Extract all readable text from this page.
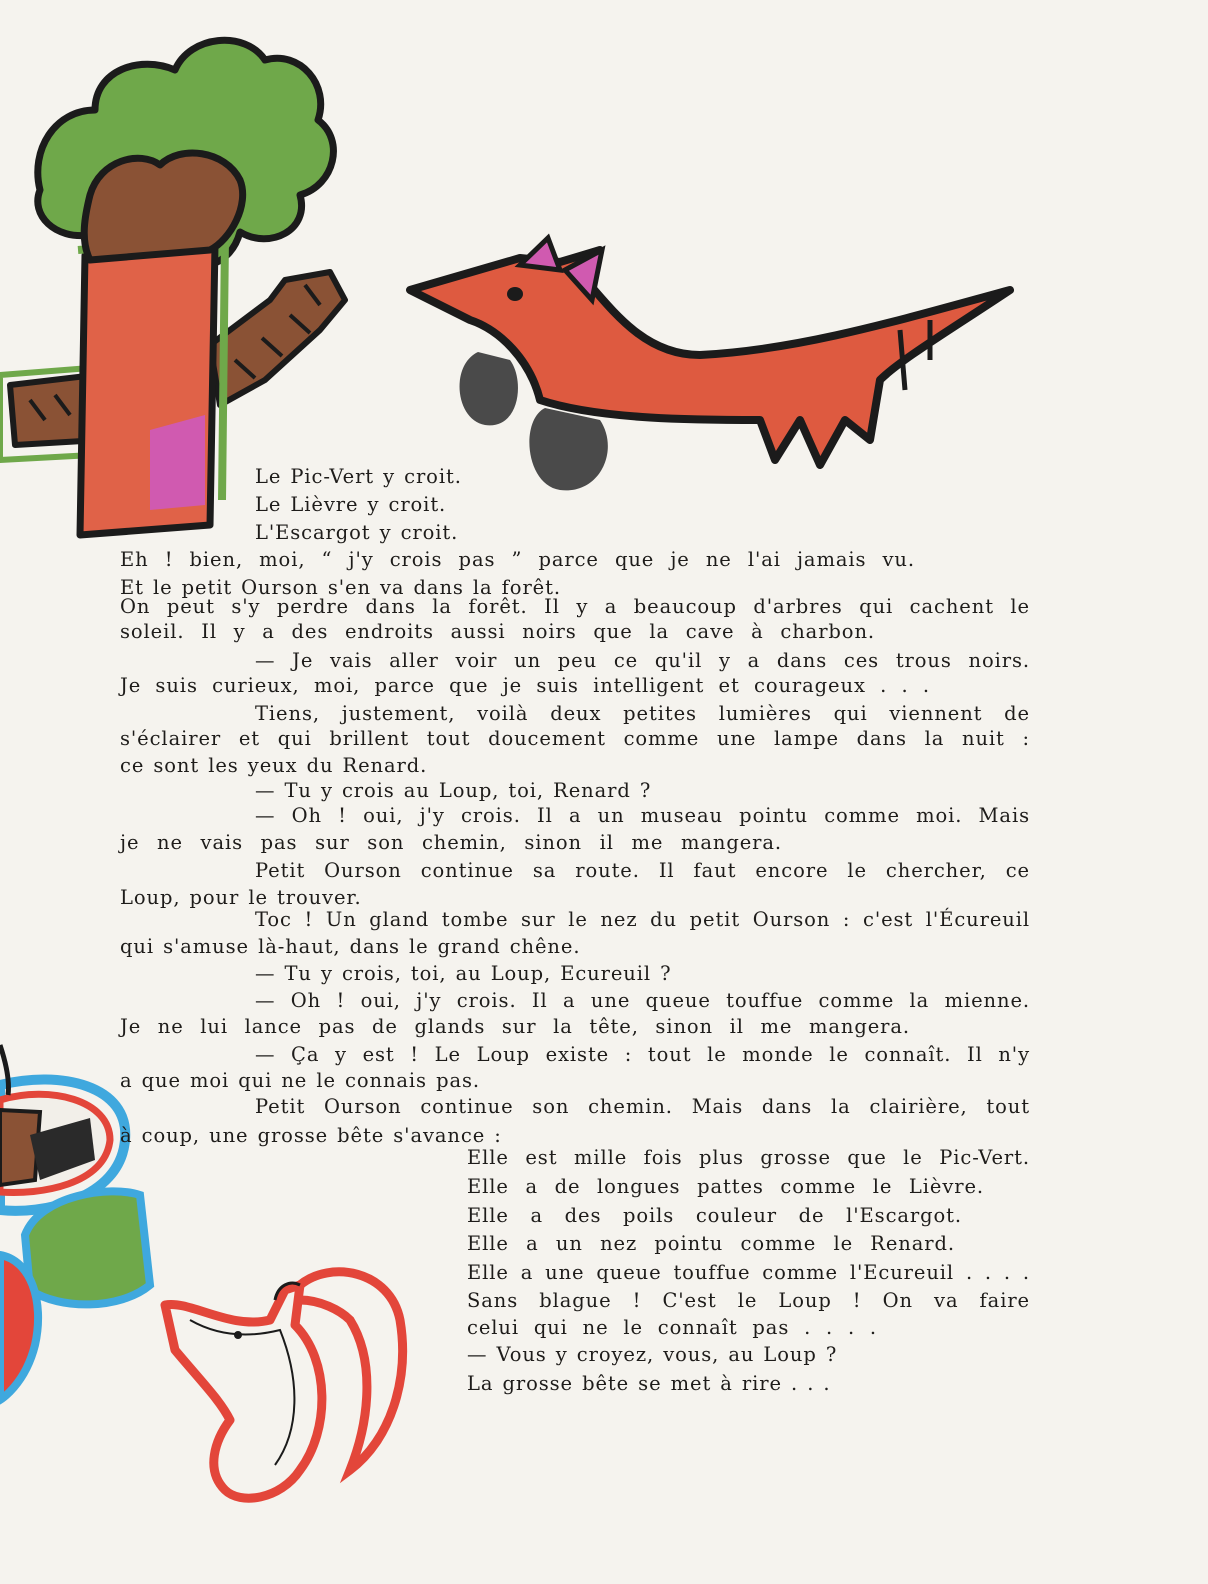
Le Pic-Vert y croit.
Le Lièvre y croit.
L'Escargot y croit.
Eh ! bien, moi, “ j'y crois pas ” parce que je ne l'ai jamais vu.
Et le petit Ourson s'en va dans la forêt.
On peut s'y perdre dans la forêt. Il y a beaucoup d'arbres qui cachent le
soleil. Il y a des endroits aussi noirs que la cave à charbon.
— Je vais aller voir un peu ce qu'il y a dans ces trous noirs.
Je suis curieux, moi, parce que je suis intelligent et courageux . . .
Tiens, justement, voilà deux petites lumières qui viennent de
s'éclairer et qui brillent tout doucement comme une lampe dans la nuit :
ce sont les yeux du Renard.
— Tu y crois au Loup, toi, Renard ?
— Oh ! oui, j'y crois. Il a un museau pointu comme moi. Mais
je ne vais pas sur son chemin, sinon il me mangera.
Petit Ourson continue sa route. Il faut encore le chercher, ce
Loup, pour le trouver.
Toc ! Un gland tombe sur le nez du petit Ourson : c'est l'Écureuil
qui s'amuse là-haut, dans le grand chêne.
— Tu y crois, toi, au Loup, Ecureuil ?
— Oh ! oui, j'y crois. Il a une queue touffue comme la mienne.
Je ne lui lance pas de glands sur la tête, sinon il me mangera.
— Ça y est ! Le Loup existe : tout le monde le connaît. Il n'y
a que moi qui ne le connais pas.
Petit Ourson continue son chemin. Mais dans la clairière, tout
à coup, une grosse bête s'avance :
Elle est mille fois plus grosse que le Pic-Vert.
Elle a de longues pattes comme le Lièvre.
Elle a des poils couleur de l'Escargot.
Elle a un nez pointu comme le Renard.
Elle a une queue touffue comme l'Ecureuil . . . .
Sans blague ! C'est le Loup ! On va faire
celui qui ne le connaît pas . . . .
— Vous y croyez, vous, au Loup ?
La grosse bête se met à rire . . .
